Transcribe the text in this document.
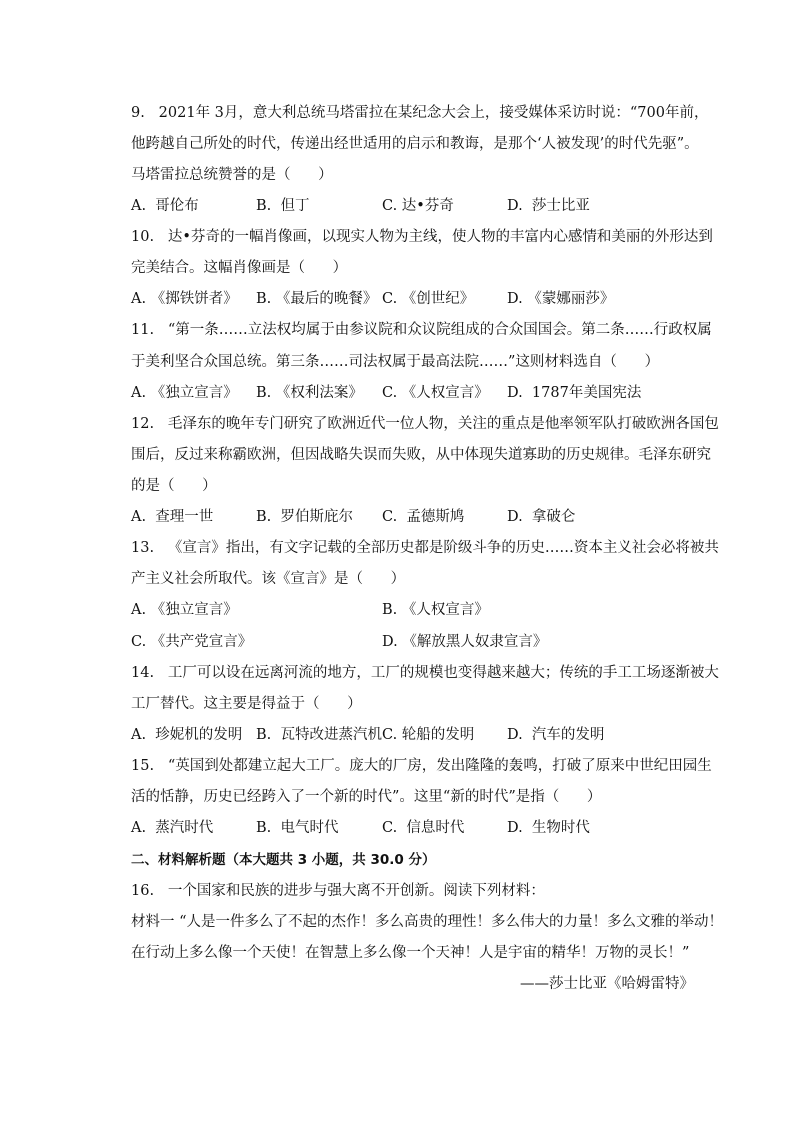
9.   2021年 3月，意大利总统马塔雷拉在某纪念大会上，接受媒体采访时说：“700年前，
他跨越自己所处的时代，传递出经世适用的启示和教诲，是那个‘人被发现’的时代先驱”。
马塔雷拉总统赞誉的是（      ）
A.  哥伦布	B.  但丁	C. 达•芬奇	D.  莎士比亚
10.   达•芬奇的一幅肖像画，以现实人物为主线，使人物的丰富内心感情和美丽的外形达到
完美结合。这幅肖像画是（      ）
A. 《掷铁饼者》 B. 《最后的晚餐》 C. 《创世纪》 D. 《蒙娜丽莎》
11.   “第一条……立法权均属于由参议院和众议院组成的合众国国会。第二条……行政权属
于美利坚合众国总统。第三条……司法权属于最高法院……”这则材料选自（      ）
A. 《独立宣言》 B. 《权利法案》 C. 《人权宣言》 D.  1787年美国宪法
12.   毛泽东的晚年专门研究了欧洲近代一位人物，关注的重点是他率领军队打破欧洲各国包
围后，反过来称霸欧洲，但因战略失误而失败，从中体现失道寡助的历史规律。毛泽东研究
的是（      ）
A.  查理一世	B.  罗伯斯庇尔 C.  孟德斯鸠	D.  拿破仑
13.   《宣言》指出，有文字记载的全部历史都是阶级斗争的历史……资本主义社会必将被共
产主义社会所取代。该《宣言》是（      ）
A. 《独立宣言》	B. 《人权宣言》
C. 《共产党宣言》	D. 《解放黑人奴隶宣言》
14.   工厂可以设在远离河流的地方，工厂的规模也变得越来越大；传统的手工工场逐渐被大
工厂替代。这主要是得益于（      ）
A.  珍妮机的发明 B.  瓦特改进蒸汽机 C. 轮船的发明 D.  汽车的发明
15.   “英国到处都建立起大工厂。庞大的厂房，发出隆隆的轰鸣，打破了原来中世纪田园生
活的恬静，历史已经跨入了一个新的时代”。这里“新的时代”是指（      ）
A.  蒸汽时代	B.  电气时代	C.  信息时代	D.  生物时代
二、材料解析题（本大题共 3 小题，共 30.0 分）
16.   一个国家和民族的进步与强大离不开创新。阅读下列材料：
材料一 “人是一件多么了不起的杰作！多么高贵的理性！多么伟大的力量！多么文雅的举动！
在行动上多么像一个天使！在智慧上多么像一个天神！人是宇宙的精华！万物的灵长！”
——莎士比亚《哈姆雷特》
